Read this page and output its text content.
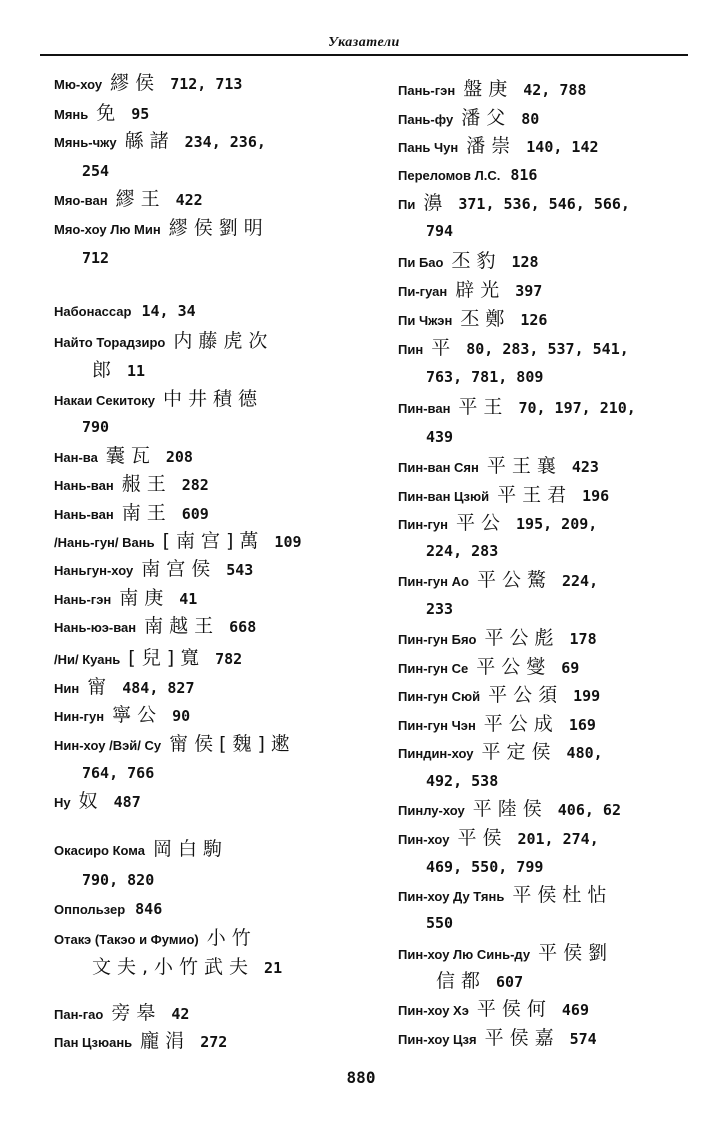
Указатели
Мю-хоу 繆侯 712, 713
Мянь 免 95
Мянь-чжу 緜諸 234, 236,
254
Мяо-ван 繆王 422
Мяо-хоу Лю Мин 繆侯劉明
712
Набонассар 14, 34
Найто Торадзиро 内藤虎次
郎 11
Накаи Секитоку 中井積德
790
Нан-ва 囊瓦 208
Нань-ван 赧王 282
Нань-ван 南王 609
/Нань-гун/ Вань [南宫]萬 109
Наньгун-хоу 南宫侯 543
Нань-гэн 南庚 41
Нань-юэ-ван 南越王 668
/Ни/ Куань [兒]寬 782
Нин 甯 484, 827
Нин-гун 寧公 90
Нин-хоу /Вэй/ Су 甯侯[魏]遬
764, 766
Ну 奴 487
Окасиро Кома 岡白駒
790, 820
Оппользер 846
Отакэ (Такэо и Фумио) 小竹
文夫,小竹武夫 21
Пан-гао 旁皋 42
Пан Цзюань 龐涓 272
Пань-гэн 盤庚 42, 788
Пань-фу 潘父 80
Пань Чун 潘崇 140, 142
Переломов Л.С. 816
Пи 濞 371, 536, 546, 566,
794
Пи Бао 丕豹 128
Пи-гуан 辟光 397
Пи Чжэн 丕鄭 126
Пин 平 80, 283, 537, 541,
763, 781, 809
Пин-ван 平王 70, 197, 210,
439
Пин-ван Сян 平王襄 423
Пин-ван Цзюй 平王君 196
Пин-гун 平公 195, 209,
224, 283
Пин-гун Ао 平公驁 224,
233
Пин-гун Бяо 平公彪 178
Пин-гун Се 平公燮 69
Пин-гун Сюй 平公須 199
Пин-гун Чэн 平公成 169
Пиндин-хоу 平定侯 480,
492, 538
Пинлу-хоу 平陸侯 406, 62
Пин-хоу 平侯 201, 274,
469, 550, 799
Пин-хоу Ду Тянь 平侯杜怗
550
Пин-хоу Лю Синь-ду 平侯劉
信都 607
Пин-хоу Хэ 平侯何 469
Пин-хоу Цзя 平侯嘉 574
880
